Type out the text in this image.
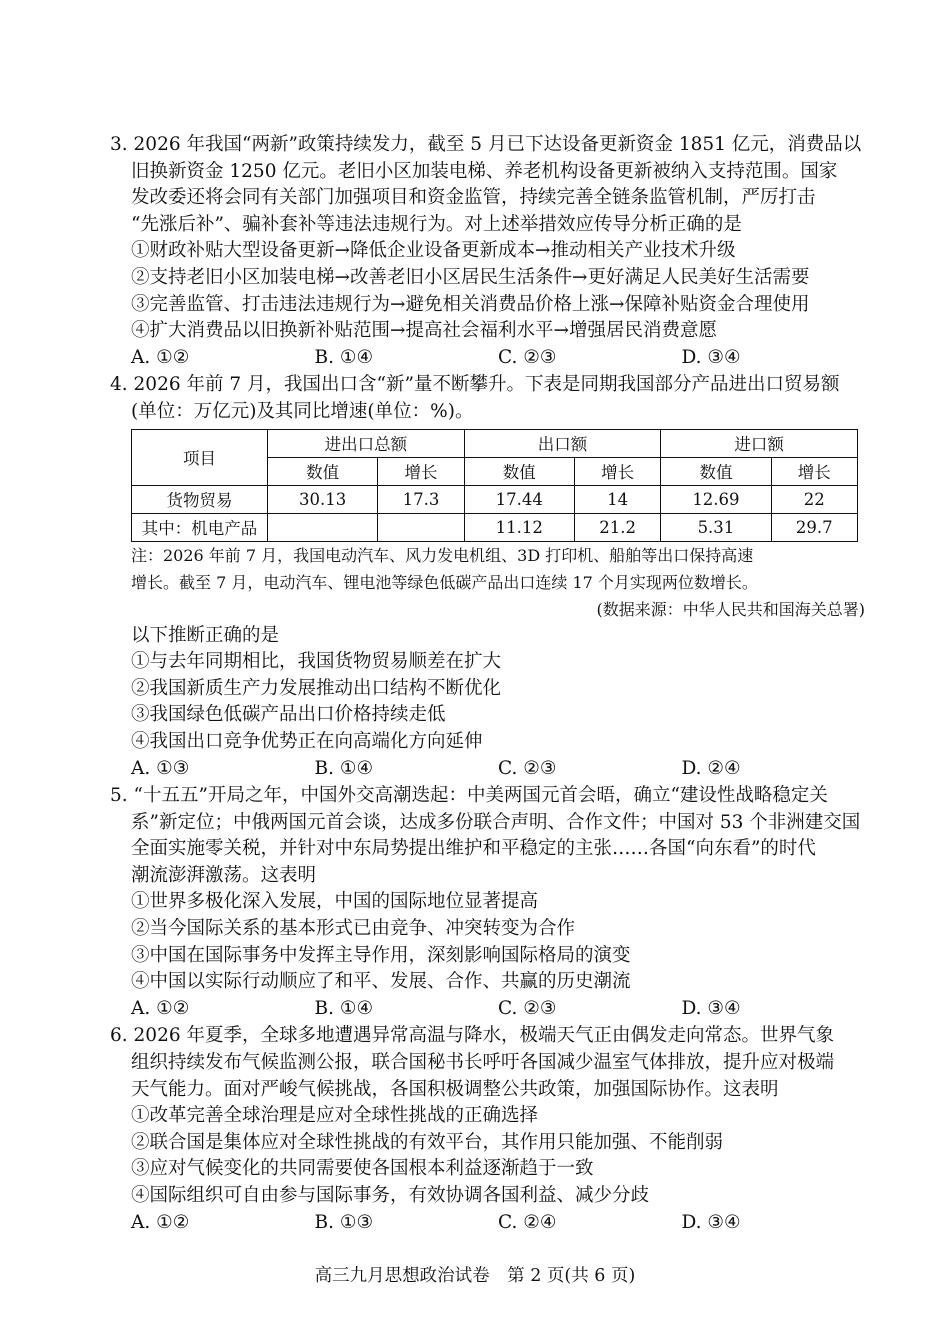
3. 2026 年我国“两新”政策持续发力，截至 5 月已下达设备更新资金 1851 亿元，消费品以
旧换新资金 1250 亿元。老旧小区加装电梯、养老机构设备更新被纳入支持范围。国家
发改委还将会同有关部门加强项目和资金监管，持续完善全链条监管机制，严厉打击
“先涨后补”、骗补套补等违法违规行为。对上述举措效应传导分析正确的是
①财政补贴大型设备更新→降低企业设备更新成本→推动相关产业技术升级
②支持老旧小区加装电梯→改善老旧小区居民生活条件→更好满足人民美好生活需要
③完善监管、打击违法违规行为→避免相关消费品价格上涨→保障补贴资金合理使用
④扩大消费品以旧换新补贴范围→提高社会福利水平→增强居民消费意愿
A. ①②	B. ①④	C. ②③	D. ③④
4. 2026 年前 7 月，我国出口含“新”量不断攀升。下表是同期我国部分产品进出口贸易额
(单位：万亿元)及其同比增速(单位：%)。
项目	进出口总额		出口额		进口额	
	数值	增长	数值	增长	数值	增长
货物贸易	30.13	17.3	17.44	14	12.69	22
其中：机电产品			11.12	21.2	5.31	29.7
注：2026 年前 7 月，我国电动汽车、风力发电机组、3D 打印机、船舶等出口保持高速
增长。截至 7 月，电动汽车、锂电池等绿色低碳产品出口连续 17 个月实现两位数增长。
(数据来源：中华人民共和国海关总署)
以下推断正确的是
①与去年同期相比，我国货物贸易顺差在扩大
②我国新质生产力发展推动出口结构不断优化
③我国绿色低碳产品出口价格持续走低
④我国出口竞争优势正在向高端化方向延伸
A. ①③	B. ①④	C. ②③	D. ②④
5. “十五五”开局之年，中国外交高潮迭起：中美两国元首会晤，确立“建设性战略稳定关
系”新定位；中俄两国元首会谈，达成多份联合声明、合作文件；中国对 53 个非洲建交国
全面实施零关税，并针对中东局势提出维护和平稳定的主张……各国“向东看”的时代
潮流澎湃激荡。这表明
①世界多极化深入发展，中国的国际地位显著提高
②当今国际关系的基本形式已由竞争、冲突转变为合作
③中国在国际事务中发挥主导作用，深刻影响国际格局的演变
④中国以实际行动顺应了和平、发展、合作、共赢的历史潮流
A. ①②	B. ①④	C. ②③	D. ③④
6. 2026 年夏季，全球多地遭遇异常高温与降水，极端天气正由偶发走向常态。世界气象
组织持续发布气候监测公报，联合国秘书长呼吁各国减少温室气体排放，提升应对极端
天气能力。面对严峻气候挑战，各国积极调整公共政策，加强国际协作。这表明
①改革完善全球治理是应对全球性挑战的正确选择
②联合国是集体应对全球性挑战的有效平台，其作用只能加强、不能削弱
③应对气候变化的共同需要使各国根本利益逐渐趋于一致
④国际组织可自由参与国际事务，有效协调各国利益、减少分歧
A. ①②	B. ①③	C. ②④	D. ③④
高三九月思想政治试卷　第 2 页(共 6 页)
